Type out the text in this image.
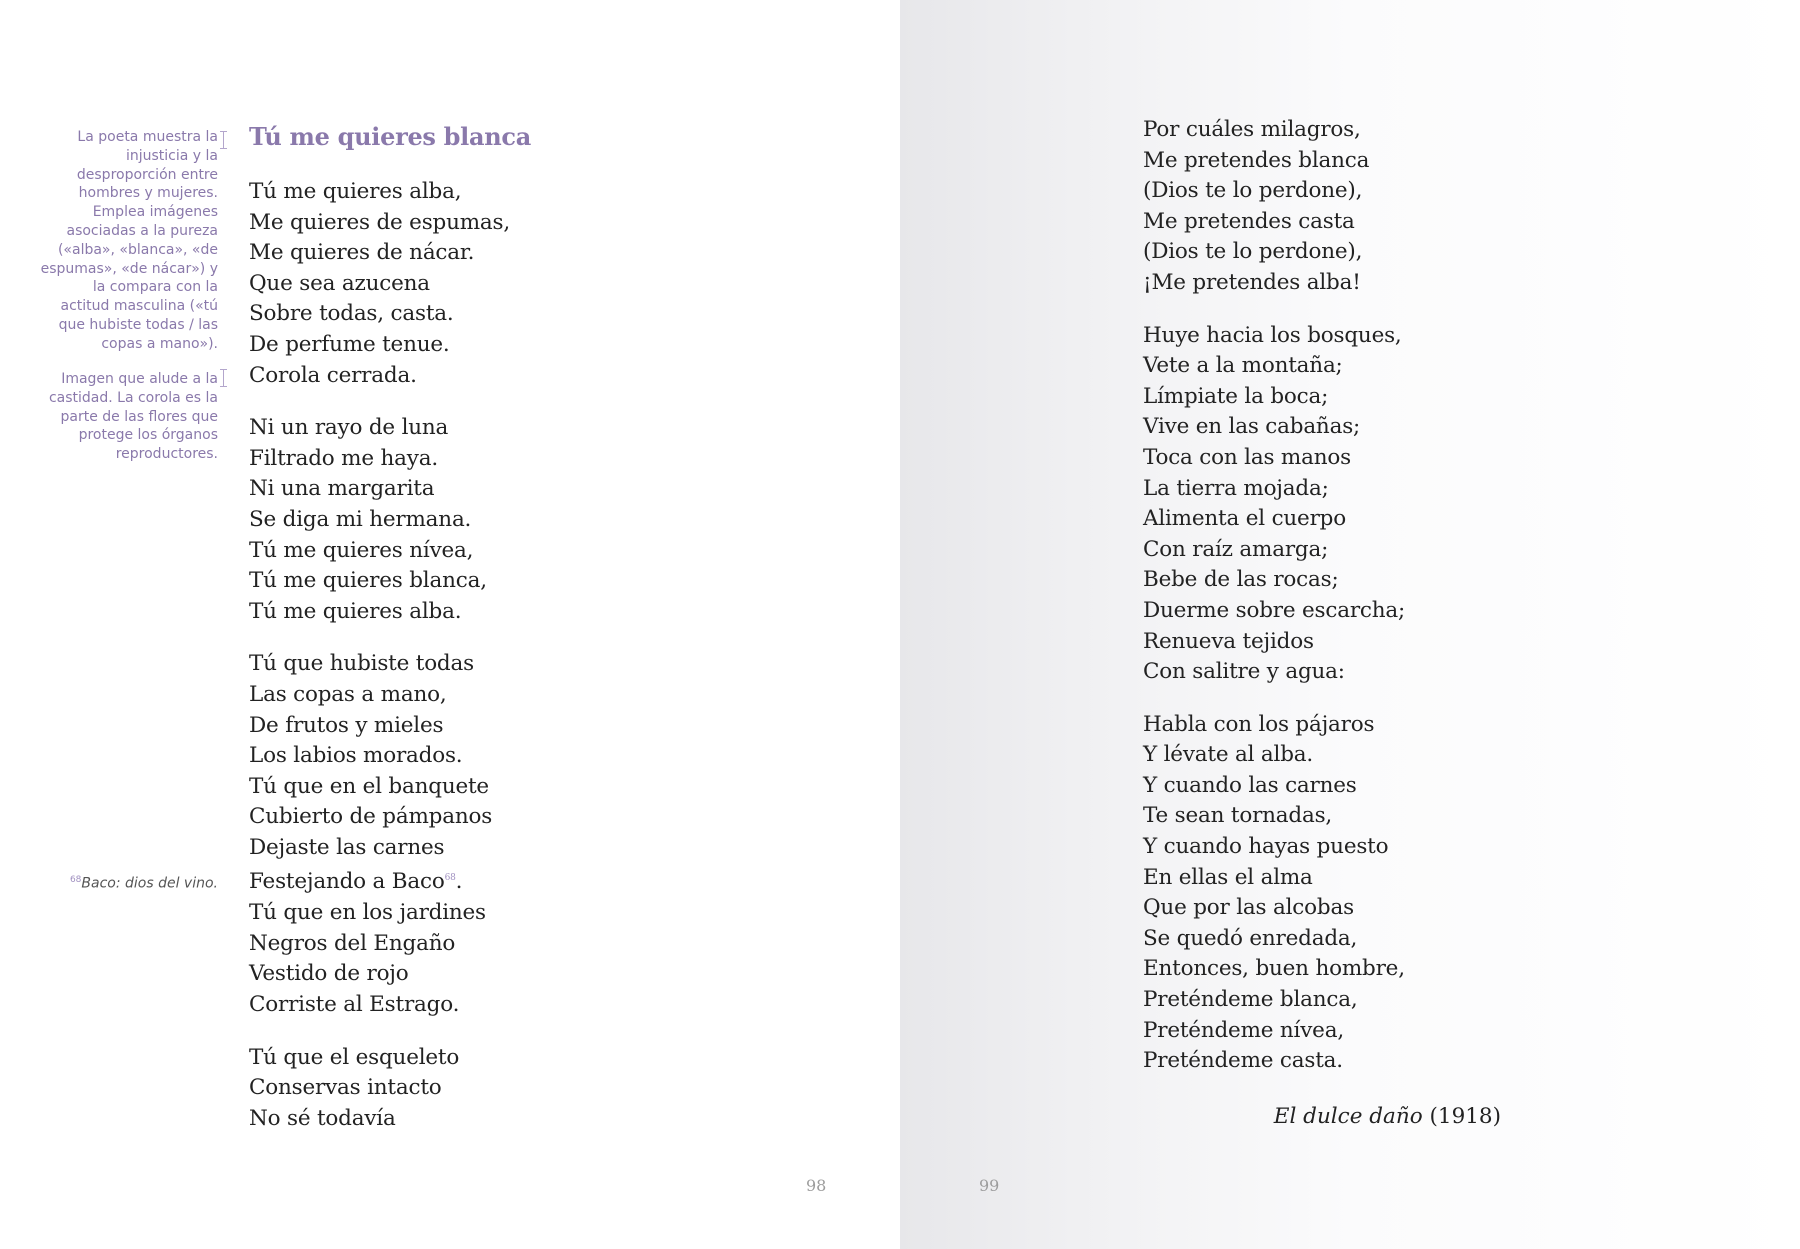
La poeta muestra la injusticia y la desproporción entre hombres y mujeres. Emplea imágenes asociadas a la pureza («alba», «blanca», «de espumas», «de nácar») y la compara con la actitud masculina («tú que hubiste todas / las copas a mano»).
Imagen que alude a la castidad. La corola es la parte de las flores que protege los órganos reproductores.
$^{68}$Baco: dios del vino.
Tú me quieres blanca
Tú me quieres alba,
Me quieres de espumas,
Me quieres de nácar.
Que sea azucena
Sobre todas, casta.
De perfume tenue.
Corola cerrada.
Ni un rayo de luna
Filtrado me haya.
Ni una margarita
Se diga mi hermana.
Tú me quieres nívea,
Tú me quieres blanca,
Tú me quieres alba.
Tú que hubiste todas
Las copas a mano,
De frutos y mieles
Los labios morados.
Tú que en el banquete
Cubierto de pámpanos
Dejaste las carnes
Festejando a Baco$^{68}$.
Tú que en los jardines
Negros del Engaño
Vestido de rojo
Corriste al Estrago.
Tú que el esqueleto
Conservas intacto
No sé todavía
98
Por cuáles milagros,
Me pretendes blanca
(Dios te lo perdone),
Me pretendes casta
(Dios te lo perdone),
¡Me pretendes alba!
Huye hacia los bosques,
Vete a la montaña;
Límpiate la boca;
Vive en las cabañas;
Toca con las manos
La tierra mojada;
Alimenta el cuerpo
Con raíz amarga;
Bebe de las rocas;
Duerme sobre escarcha;
Renueva tejidos
Con salitre y agua:
Habla con los pájaros
Y lévate al alba.
Y cuando las carnes
Te sean tornadas,
Y cuando hayas puesto
En ellas el alma
Que por las alcobas
Se quedó enredada,
Entonces, buen hombre,
Preténdeme blanca,
Preténdeme nívea,
Preténdeme casta.
El dulce daño (1918)
99
